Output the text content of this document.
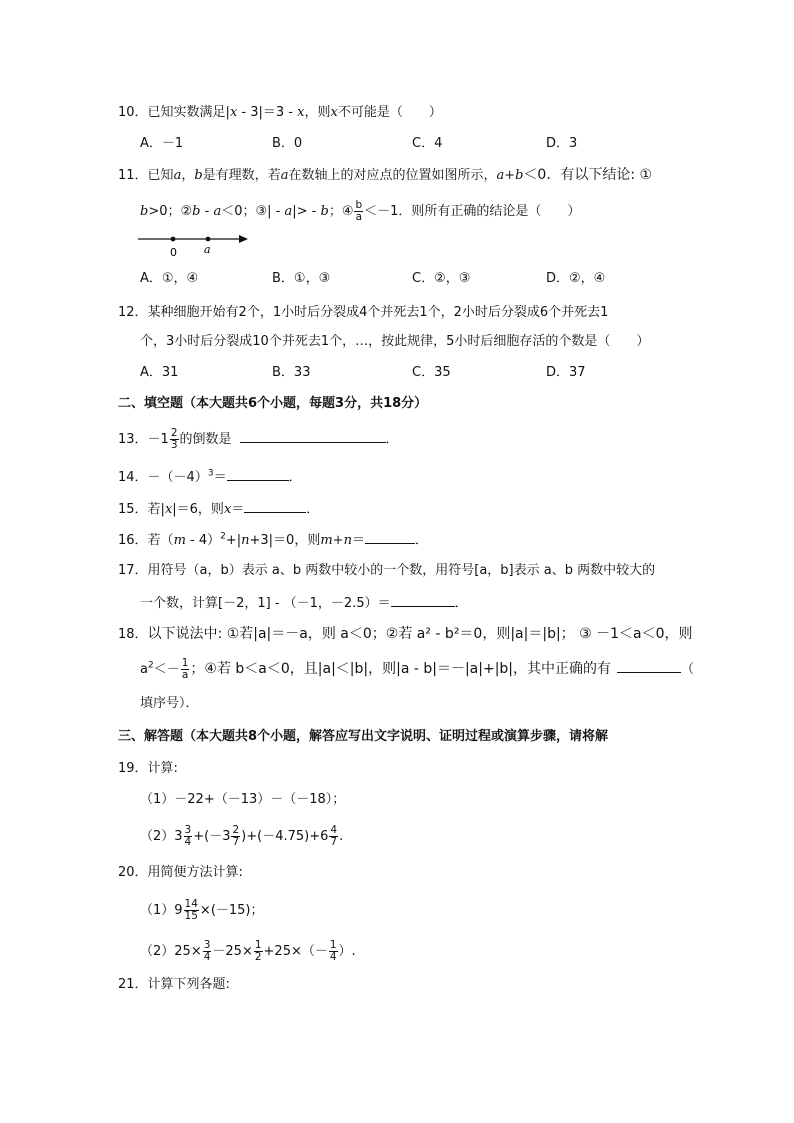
10．已知实数满足|x - 3|＝3 - x，则x不可能是（　　）
A．－1	B．0	C．4	D．3
11．已知a，b是有理数，若a在数轴上的对应点的位置如图所示，a+b＜0．有以下结论: ①
b>0；②b - a＜0；③| - a|> - b；④ $\frac{b}{a} <-1$．则所有正确的结论是（　　）
0 a
A．①，④	B．①，③	C．②，③	D．②，④
12．某种细胞开始有2个，1小时后分裂成4个并死去1个，2小时后分裂成6个并死去1
个，3小时后分裂成10个并死去1个，…，按此规律，5小时后细胞存活的个数是（　　）
A．31	B．33	C．35	D．37
二、填空题（本大题共6个小题，每题3分，共18分）
13．$-1 \frac{2}{3}$ 的倒数是	．
14．$-(-4)^3=$	．
15．若|x|＝6，则x＝	．
16．若（m - 4）$^2$+|n+3|＝0，则m+n＝	．
17．用符号（a，b）表示 a、b 两数中较小的一个数，用符号[a，b]表示 a、b 两数中较大的
一个数，计算[－2，1] - （－1，－2.5）＝	．
18．以下说法中: ①若|a|＝－a，则 a＜0；②若 a² - b²＝0，则|a|＝|b|； ③ －1＜a＜0，则
$a^2<- \frac{1}{a}$ ；④若 b＜a＜0，且|a|＜|b|，则|a - b|＝－|a|+|b|，其中正确的有	（
填序号）．
三、解答题（本大题共8个小题，解答应写出文字说明、证明过程或演算步骤，请将解
19．计算:
（1）－22+（－13）－（－18）；
$(2)3 \frac{3}{4} +(-3 \frac{2}{7} )+(-4.75)+6 \frac{4}{7}$ .
20．用简便方法计算:
$(1)9 \frac{14}{15} \times(-15)$；
$(2)25\times \frac{3}{4} -25\times \frac{1}{2} +25\times(- \frac{1}{4}$ ）.
21．计算下列各题:
